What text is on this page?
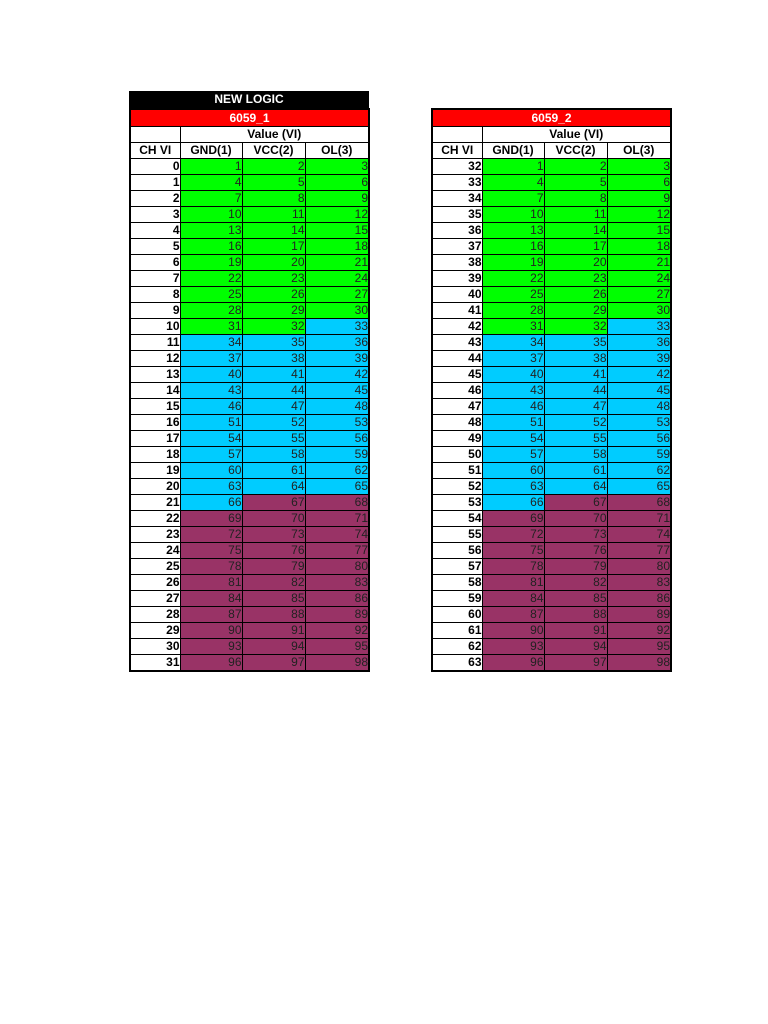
NEW LOGIC
6059_1			
	Value (VI)		
CH VI	GND(1)	VCC(2)	OL(3)
0	1	2	3
1	4	5	6
2	7	8	9
3	10	11	12
4	13	14	15
5	16	17	18
6	19	20	21
7	22	23	24
8	25	26	27
9	28	29	30
10	31	32	33
11	34	35	36
12	37	38	39
13	40	41	42
14	43	44	45
15	46	47	48
16	51	52	53
17	54	55	56
18	57	58	59
19	60	61	62
20	63	64	65
21	66	67	68
22	69	70	71
23	72	73	74
24	75	76	77
25	78	79	80
26	81	82	83
27	84	85	86
28	87	88	89
29	90	91	92
30	93	94	95
31	96	97	98
6059_2			
	Value (VI)		
CH VI	GND(1)	VCC(2)	OL(3)
32	1	2	3
33	4	5	6
34	7	8	9
35	10	11	12
36	13	14	15
37	16	17	18
38	19	20	21
39	22	23	24
40	25	26	27
41	28	29	30
42	31	32	33
43	34	35	36
44	37	38	39
45	40	41	42
46	43	44	45
47	46	47	48
48	51	52	53
49	54	55	56
50	57	58	59
51	60	61	62
52	63	64	65
53	66	67	68
54	69	70	71
55	72	73	74
56	75	76	77
57	78	79	80
58	81	82	83
59	84	85	86
60	87	88	89
61	90	91	92
62	93	94	95
63	96	97	98
